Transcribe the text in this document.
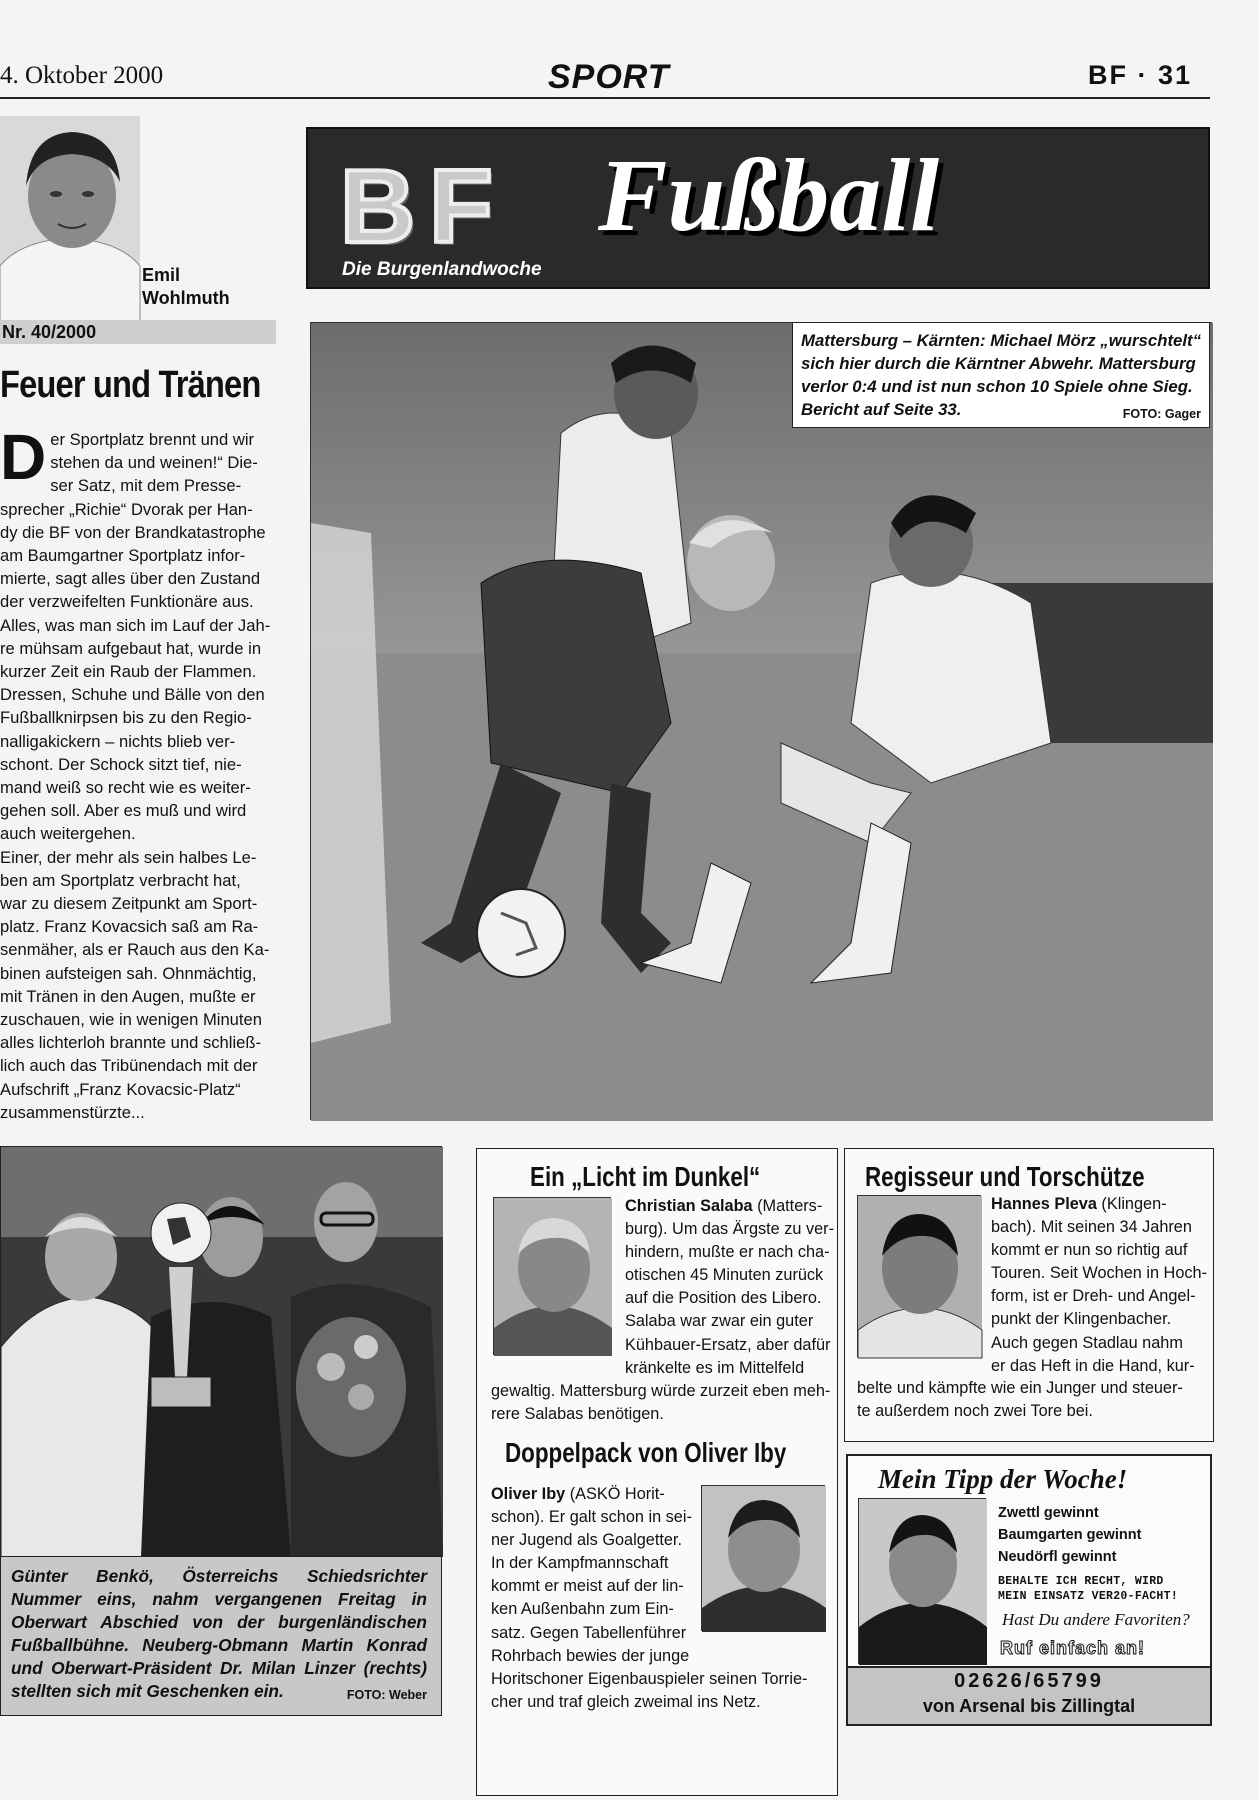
4. Oktober 2000	SPORT	BF · 31
BF Fußball
Die Burgenlandwoche
Emil
Wohlmuth
Nr. 40/2000
Feuer und Tränen
D er Sportplatz brennt und wir

stehen da und weinen!“ Die-

ser Satz, mit dem Presse-

sprecher „Richie“ Dvorak per Han-

dy die BF von der Brandkatastrophe

am Baumgartner Sportplatz infor-

mierte, sagt alles über den Zustand

der verzweifelten Funktionäre aus.

Alles, was man sich im Lauf der Jah-

re mühsam aufgebaut hat, wurde in

kurzer Zeit ein Raub der Flammen.

Dressen, Schuhe und Bälle von den

Fußballknirpsen bis zu den Regio-

nalligakickern – nichts blieb ver-

schont. Der Schock sitzt tief, nie-

mand weiß so recht wie es weiter-

gehen soll. Aber es muß und wird

auch weitergehen.

Einer, der mehr als sein halbes Le-

ben am Sportplatz verbracht hat,

war zu diesem Zeitpunkt am Sport-

platz. Franz Kovacsich saß am Ra-

senmäher, als er Rauch aus den Ka-

binen aufsteigen sah. Ohnmächtig,

mit Tränen in den Augen, mußte er

zuschauen, wie in wenigen Minuten

alles lichterloh brannte und schließ-

lich auch das Tribünendach mit der

Aufschrift „Franz Kovacsic-Platz“

zusammenstürzte...

Mattersburg – Kärnten: Michael Mörz „wurschtelt“ sich hier durch die Kärntner Abwehr. Mattersburg verlor 0:4 und ist nun schon 10 Spiele ohne Sieg. Bericht auf Seite 33.	FOTO: Gager
Günter Benkö, Österreichs Schiedsrichter Nummer eins, nahm vergangenen Freitag in Oberwart Abschied von der burgenländischen Fußballbühne. Neuberg-Obmann Martin Konrad und Oberwart-Präsident Dr. Milan Linzer (rechts) stellten sich mit Geschenken ein.	FOTO: Weber
Ein „Licht im Dunkel“
Christian Salaba (Matters-
burg). Um das Ärgste zu ver-
hindern, mußte er nach cha-
otischen 45 Minuten zurück
auf die Position des Libero.
Salaba war zwar ein guter
Kühbauer-Ersatz, aber dafür
kränkelte es im Mittelfeld
gewaltig. Mattersburg würde zurzeit eben meh-
rere Salabas benötigen.
Doppelpack von Oliver Iby
Oliver Iby (ASKÖ Horit-
schon). Er galt schon in sei-
ner Jugend als Goalgetter.
In der Kampfmannschaft
kommt er meist auf der lin-
ken Außenbahn zum Ein-
satz. Gegen Tabellenführer
Rohrbach bewies der junge
Horitschoner Eigenbauspieler seinen Torrie-
cher und traf gleich zweimal ins Netz.
Regisseur und Torschütze
Hannes Pleva (Klingen-
bach). Mit seinen 34 Jahren
kommt er nun so richtig auf
Touren. Seit Wochen in Hoch-
form, ist er Dreh- und Angel-
punkt der Klingenbacher.
Auch gegen Stadlau nahm
er das Heft in die Hand, kur-
belte und kämpfte wie ein Junger und steuer-
te außerdem noch zwei Tore bei.
Mein Tipp der Woche!
Zwettl gewinnt
Baumgarten gewinnt
Neudörfl gewinnt
BEHALTE ICH RECHT, WIRD
MEIN EINSATZ VER20-FACHT!
Hast Du andere Favoriten?
Ruf einfach an!
02626/65799
von Arsenal bis Zillingtal
